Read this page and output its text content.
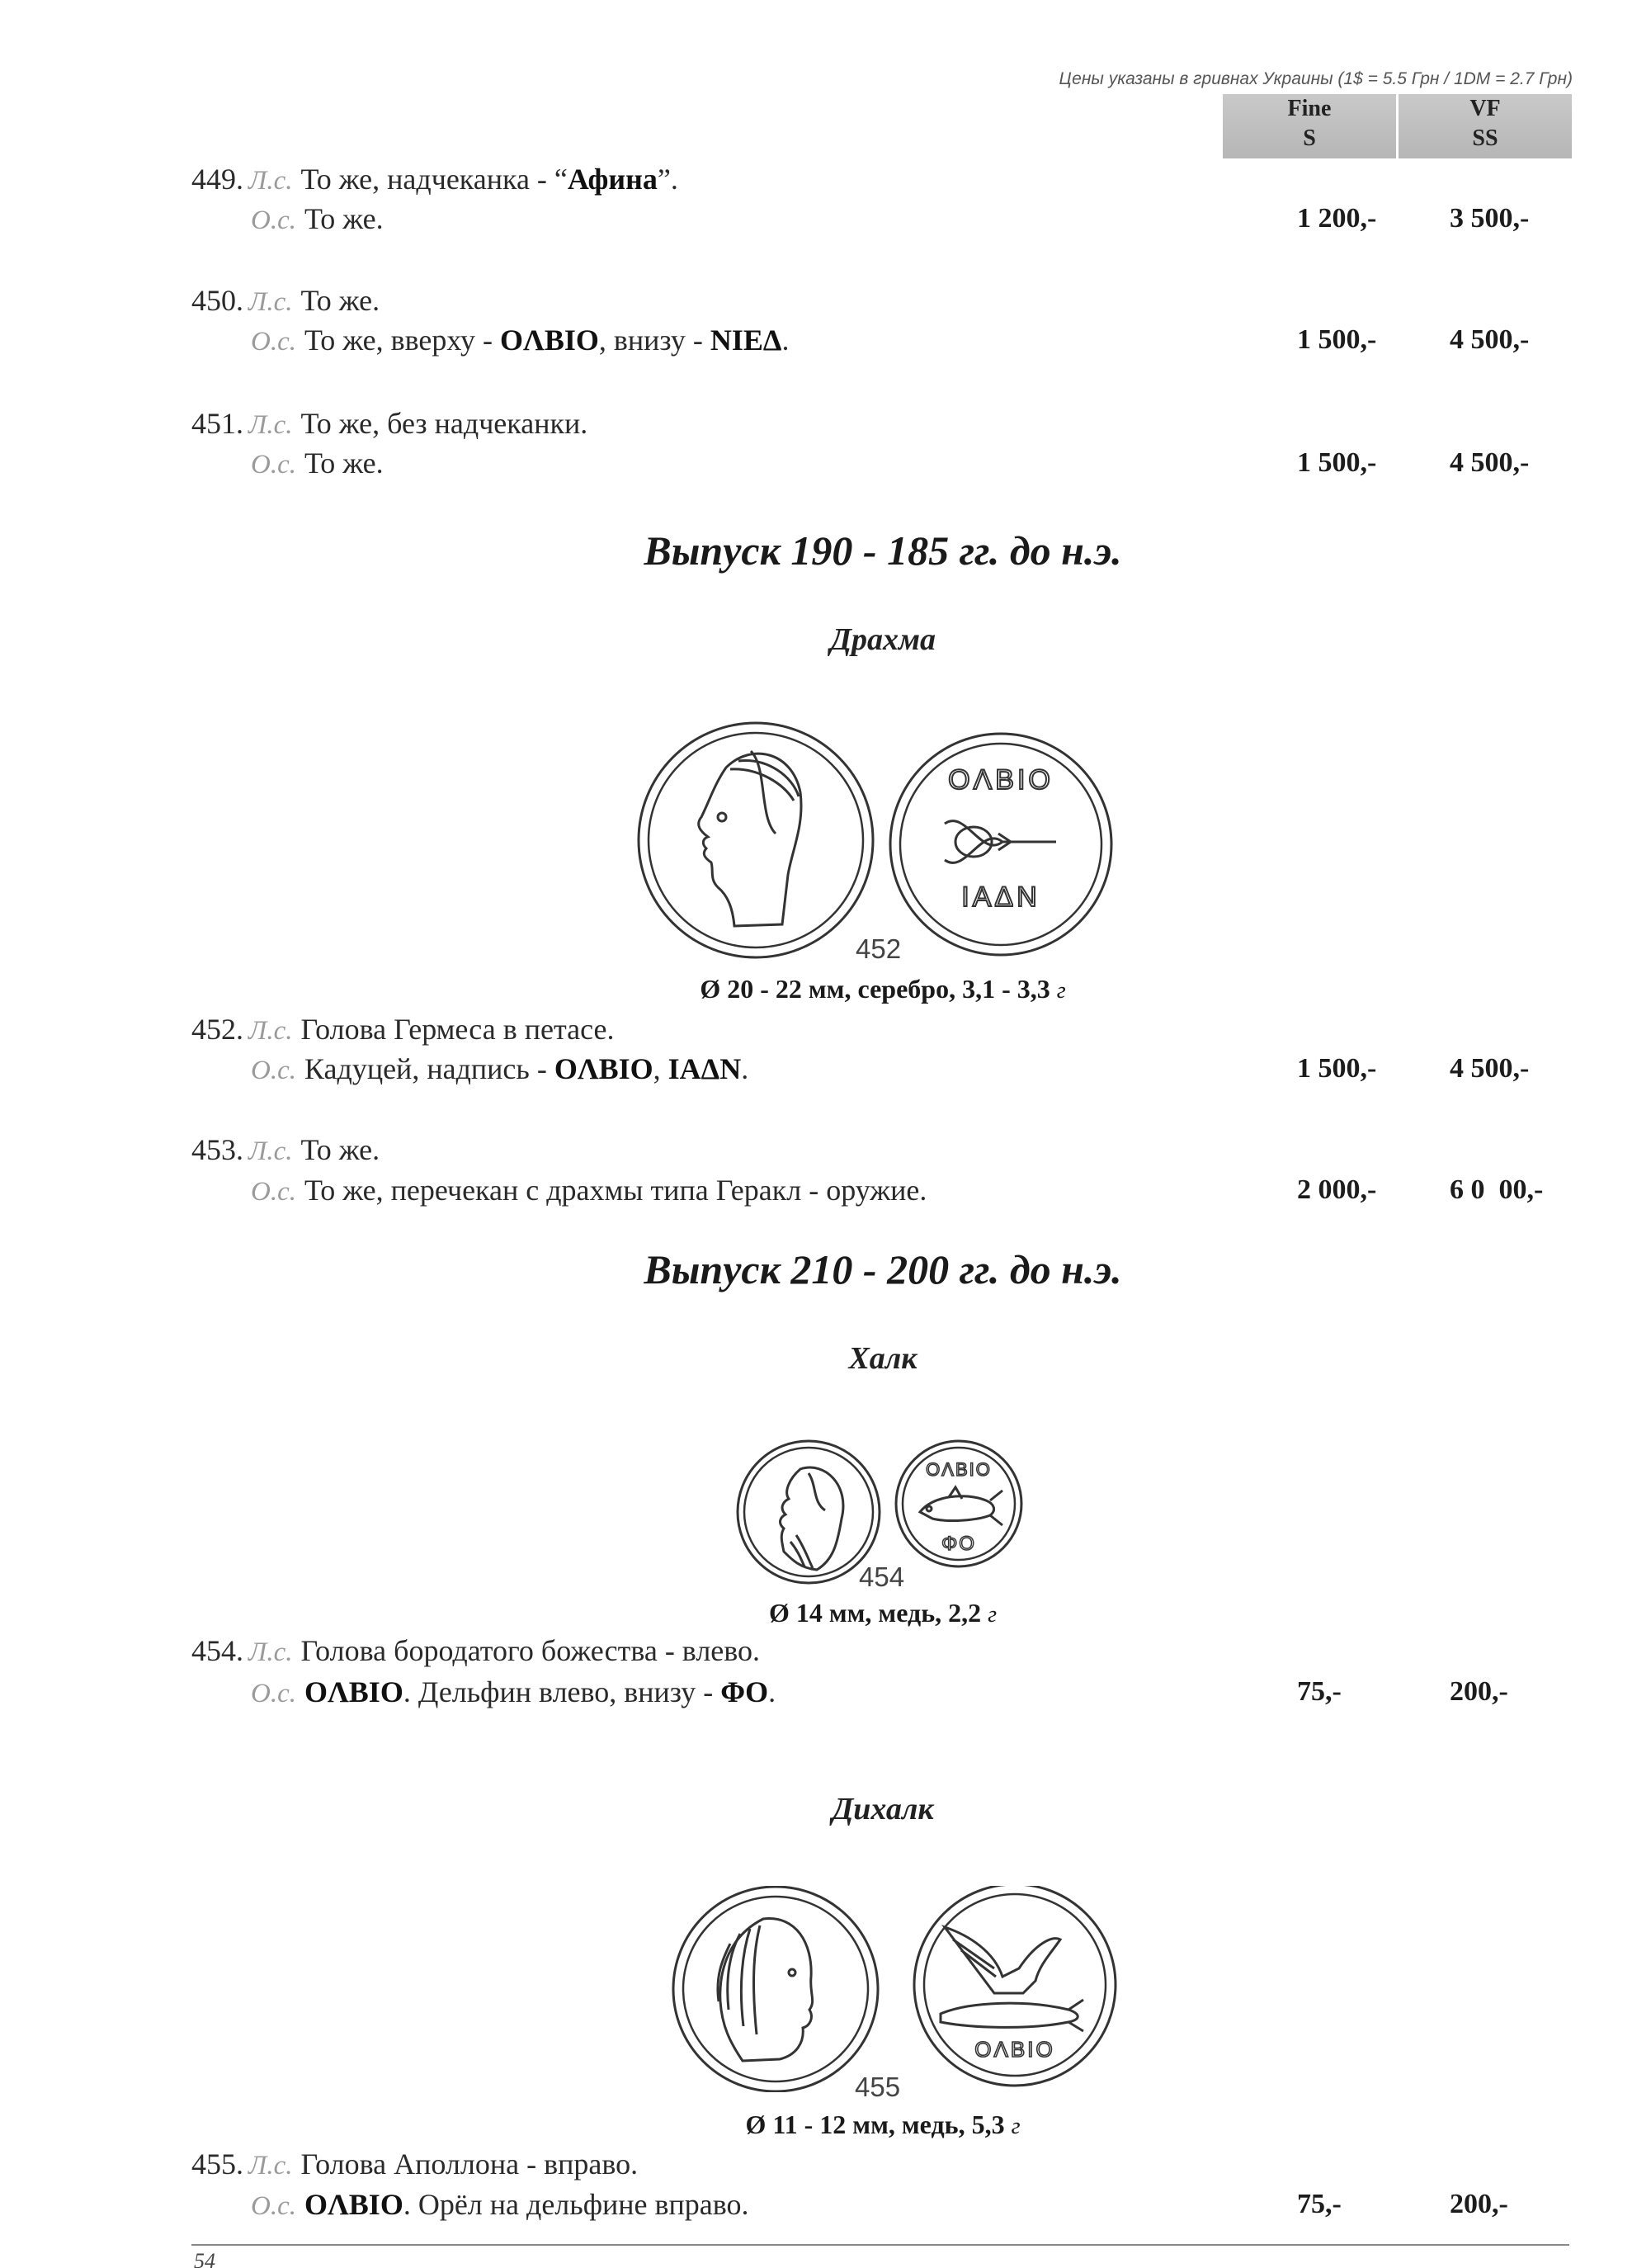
Цены указаны в гривнах Украины (1$ = 5.5 Грн / 1DM = 2.7 Грн)
Fine
S
VF
SS
449. Л.с. То же, надчеканка - “Афина”.
О.с. То же.	1 200,-	3 500,-
450. Л.с. То же.
О.с. То же, вверху - OΛBIO, внизу - NIEΔ.	1 500,-	4 500,-
451. Л.с. То же, без надчеканки.
О.с. То же.	1 500,-	4 500,-
Выпуск 190 - 185 гг. до н.э.
Драхма
OΛBIO
IAΔN
452
Ø 20 - 22 мм, серебро, 3,1 - 3,3 г
452. Л.с. Голова Гермеса в петасе.
О.с. Кадуцей, надпись - OΛBIO, IAΔN.	1 500,-	4 500,-
453. Л.с. То же.
О.с. То же, перечекан с драхмы типа Геракл - оружие.	2 000,-	6 0  00,-
Выпуск 210 - 200 гг. до н.э.
Халк
OΛBIO
ΦO
454
Ø 14 мм, медь, 2,2 г
454. Л.с. Голова бородатого божества - влево.
О.с. OΛBIO. Дельфин влево, внизу - ΦO.	75,-	200,-
Дихалк
OΛBIO
455
Ø 11 - 12 мм, медь, 5,3 г
455. Л.с. Голова Аполлона - вправо.
О.с. OΛBIO. Орёл на дельфине вправо.	75,-	200,-
54
